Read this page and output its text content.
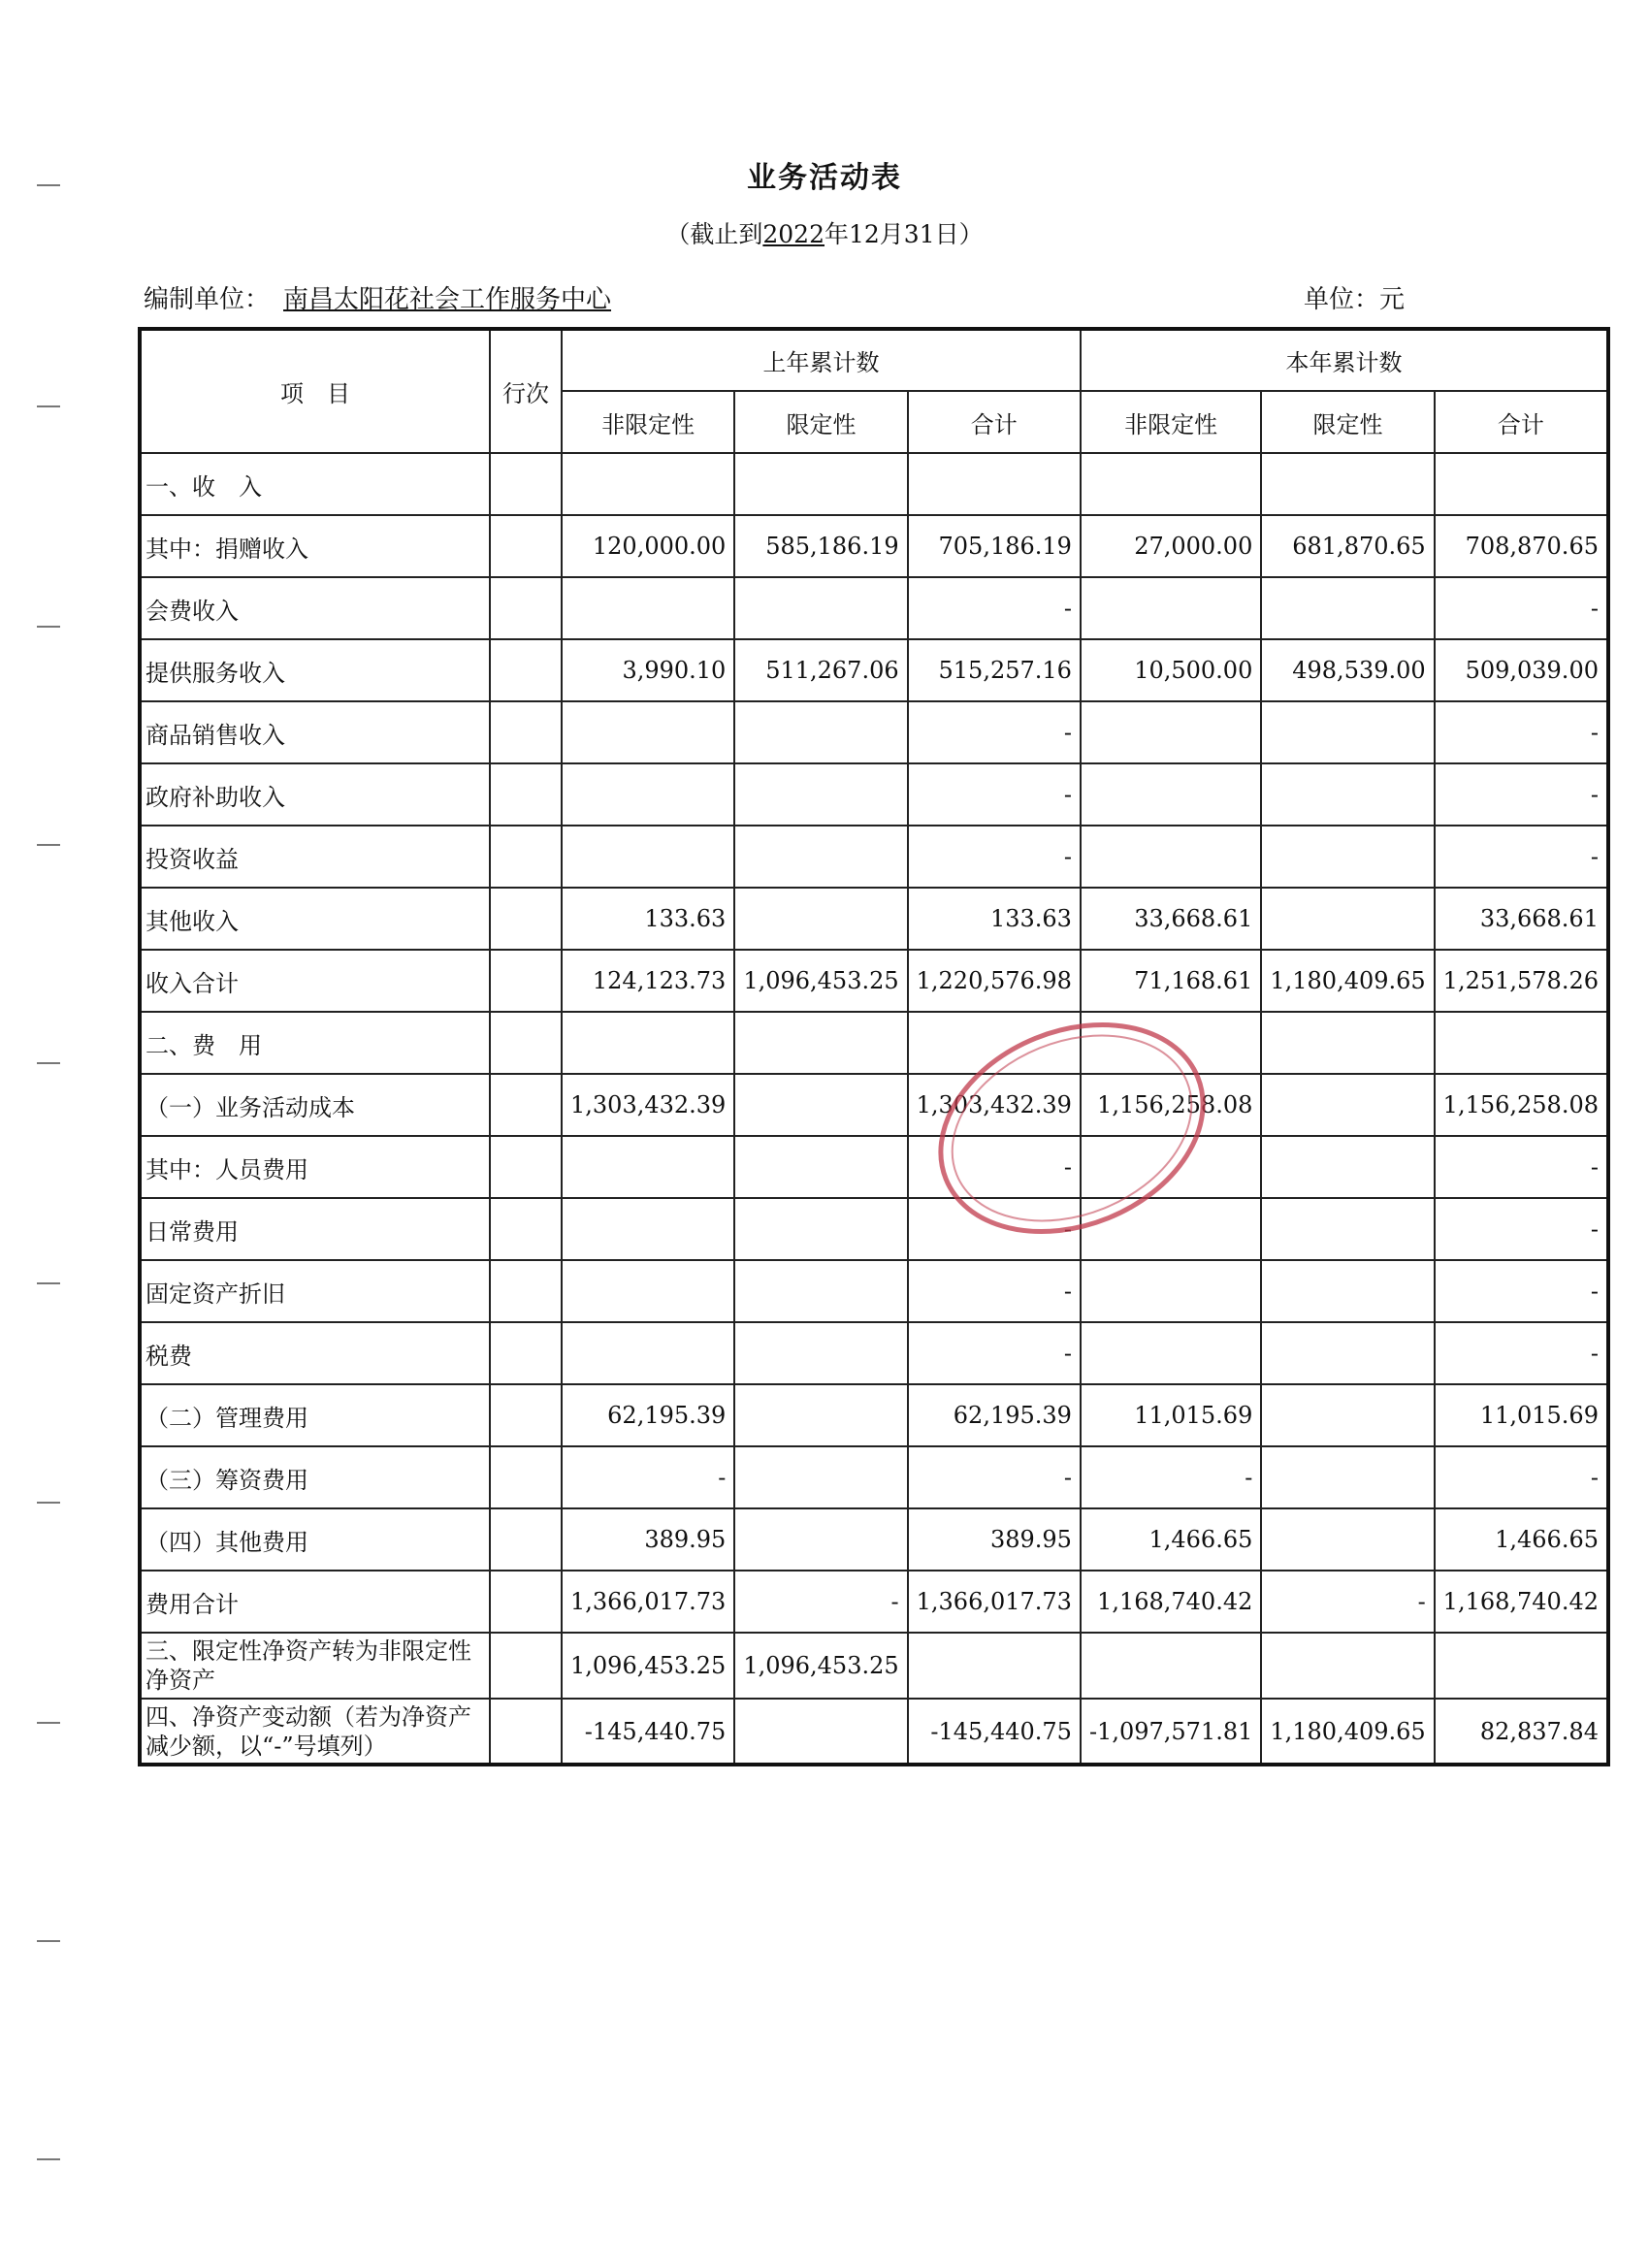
业务活动表
（截止到2022年12月31日）
编制单位： 南昌太阳花社会工作服务中心	单位：元
项　目	行次	上年累计数			本年累计数		
		非限定性	限定性	合计	非限定性	限定性	合计
一、收　入							
其中：捐赠收入		120,000.00	585,186.19	705,186.19	27,000.00	681,870.65	708,870.65
会费收入				-			-
提供服务收入		3,990.10	511,267.06	515,257.16	10,500.00	498,539.00	509,039.00
商品销售收入				-			-
政府补助收入				-			-
投资收益				-			-
其他收入		133.63		133.63	33,668.61		33,668.61
收入合计		124,123.73	1,096,453.25	1,220,576.98	71,168.61	1,180,409.65	1,251,578.26
二、费　用							
（一）业务活动成本		1,303,432.39		1,303,432.39	1,156,258.08		1,156,258.08
其中：人员费用				-			-
日常费用				-			-
固定资产折旧				-			-
税费				-			-
（二）管理费用		62,195.39		62,195.39	11,015.69		11,015.69
（三）筹资费用		-		-	-		-
（四）其他费用		389.95		389.95	1,466.65		1,466.65
费用合计		1,366,017.73	-	1,366,017.73	1,168,740.42	-	1,168,740.42
三、限定性净资产转为非限定性净资产		1,096,453.25	1,096,453.25				
四、净资产变动额（若为净资产减少额，以“-”号填列）		-145,440.75		-145,440.75	-1,097,571.81	1,180,409.65	82,837.84
